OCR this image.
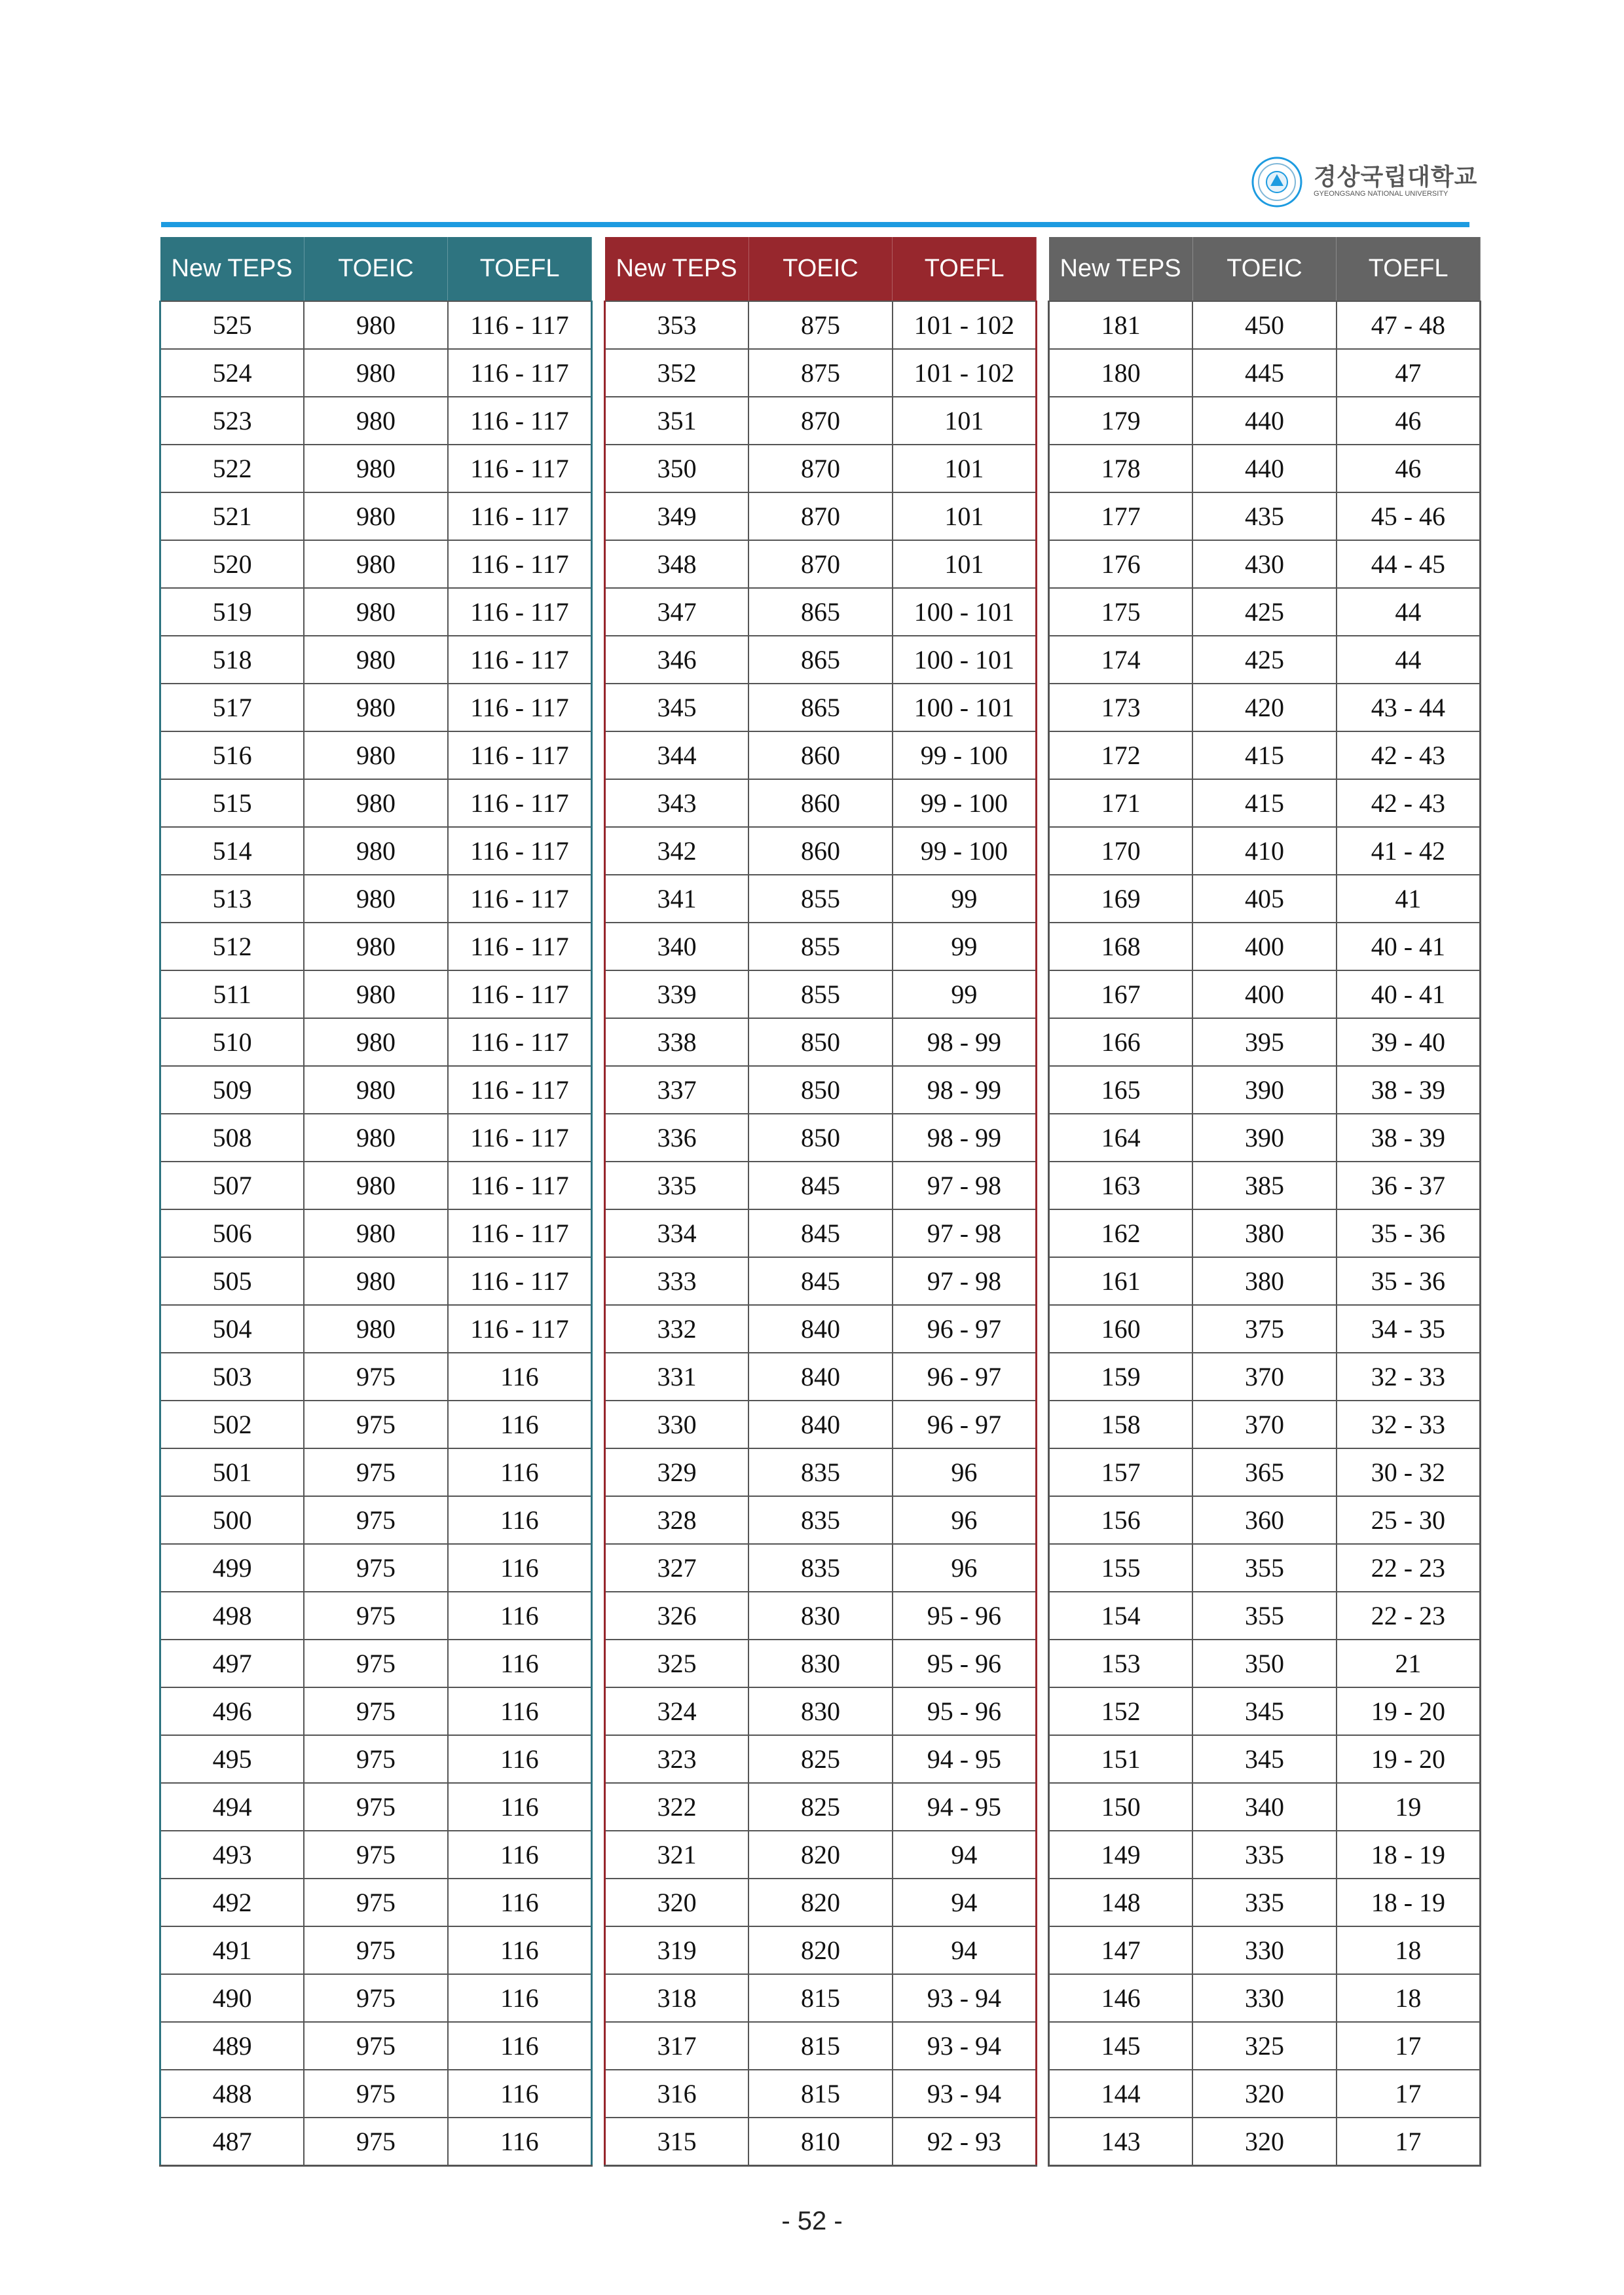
경상국립대학교
GYEONGSANG NATIONAL UNIVERSITY
New TEPS	TOEIC	TOEFL
525	980	116 - 117
524	980	116 - 117
523	980	116 - 117
522	980	116 - 117
521	980	116 - 117
520	980	116 - 117
519	980	116 - 117
518	980	116 - 117
517	980	116 - 117
516	980	116 - 117
515	980	116 - 117
514	980	116 - 117
513	980	116 - 117
512	980	116 - 117
511	980	116 - 117
510	980	116 - 117
509	980	116 - 117
508	980	116 - 117
507	980	116 - 117
506	980	116 - 117
505	980	116 - 117
504	980	116 - 117
503	975	116
502	975	116
501	975	116
500	975	116
499	975	116
498	975	116
497	975	116
496	975	116
495	975	116
494	975	116
493	975	116
492	975	116
491	975	116
490	975	116
489	975	116
488	975	116
487	975	116
New TEPS	TOEIC	TOEFL
353	875	101 - 102
352	875	101 - 102
351	870	101
350	870	101
349	870	101
348	870	101
347	865	100 - 101
346	865	100 - 101
345	865	100 - 101
344	860	99 - 100
343	860	99 - 100
342	860	99 - 100
341	855	99
340	855	99
339	855	99
338	850	98 - 99
337	850	98 - 99
336	850	98 - 99
335	845	97 - 98
334	845	97 - 98
333	845	97 - 98
332	840	96 - 97
331	840	96 - 97
330	840	96 - 97
329	835	96
328	835	96
327	835	96
326	830	95 - 96
325	830	95 - 96
324	830	95 - 96
323	825	94 - 95
322	825	94 - 95
321	820	94
320	820	94
319	820	94
318	815	93 - 94
317	815	93 - 94
316	815	93 - 94
315	810	92 - 93
New TEPS	TOEIC	TOEFL
181	450	47 - 48
180	445	47
179	440	46
178	440	46
177	435	45 - 46
176	430	44 - 45
175	425	44
174	425	44
173	420	43 - 44
172	415	42 - 43
171	415	42 - 43
170	410	41 - 42
169	405	41
168	400	40 - 41
167	400	40 - 41
166	395	39 - 40
165	390	38 - 39
164	390	38 - 39
163	385	36 - 37
162	380	35 - 36
161	380	35 - 36
160	375	34 - 35
159	370	32 - 33
158	370	32 - 33
157	365	30 - 32
156	360	25 - 30
155	355	22 - 23
154	355	22 - 23
153	350	21
152	345	19 - 20
151	345	19 - 20
150	340	19
149	335	18 - 19
148	335	18 - 19
147	330	18
146	330	18
145	325	17
144	320	17
143	320	17
- 52 -
